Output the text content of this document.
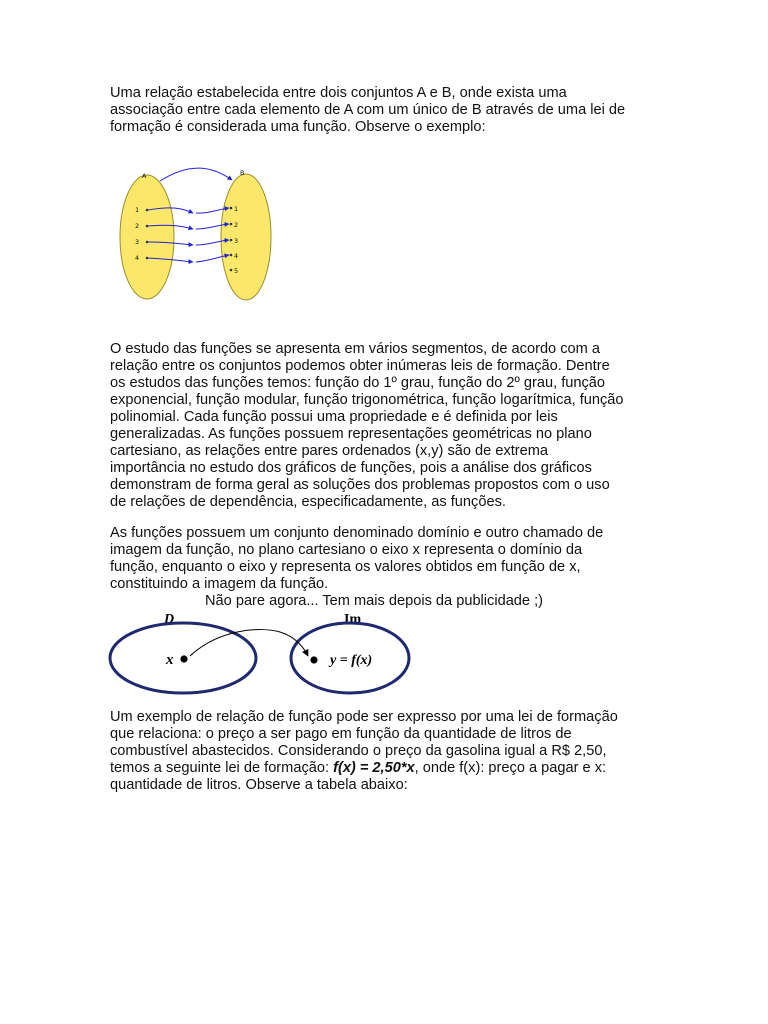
Uma relação estabelecida entre dois conjuntos A e B, onde exista uma
associação entre cada elemento de A com um único de B através de uma lei de
formação é considerada uma função. Observe o exemplo:
A	B
1
2
3
4
1
2
3
4
5
O estudo das funções se apresenta em vários segmentos, de acordo com a
relação entre os conjuntos podemos obter inúmeras leis de formação. Dentre
os estudos das funções temos: função do 1º grau, função do 2º grau, função
exponencial, função modular, função trigonométrica, função logarítmica, função
polinomial. Cada função possui uma propriedade e é definida por leis
generalizadas. As funções possuem representações geométricas no plano
cartesiano, as relações entre pares ordenados (x,y) são de extrema
importância no estudo dos gráficos de funções, pois a análise dos gráficos
demonstram de forma geral as soluções dos problemas propostos com o uso
de relações de dependência, especificadamente, as funções.
As funções possuem um conjunto denominado domínio e outro chamado de
imagem da função, no plano cartesiano o eixo x representa o domínio da
função, enquanto o eixo y representa os valores obtidos em função de x,
constituindo a imagem da função.
Não pare agora... Tem mais depois da publicidade ;)
D	Im
x	y = f(x)
Um exemplo de relação de função pode ser expresso por uma lei de formação
que relaciona: o preço a ser pago em função da quantidade de litros de
combustível abastecidos. Considerando o preço da gasolina igual a R$ 2,50,
temos a seguinte lei de formação: f(x) = 2,50*x, onde f(x): preço a pagar e x:
quantidade de litros. Observe a tabela abaixo:
